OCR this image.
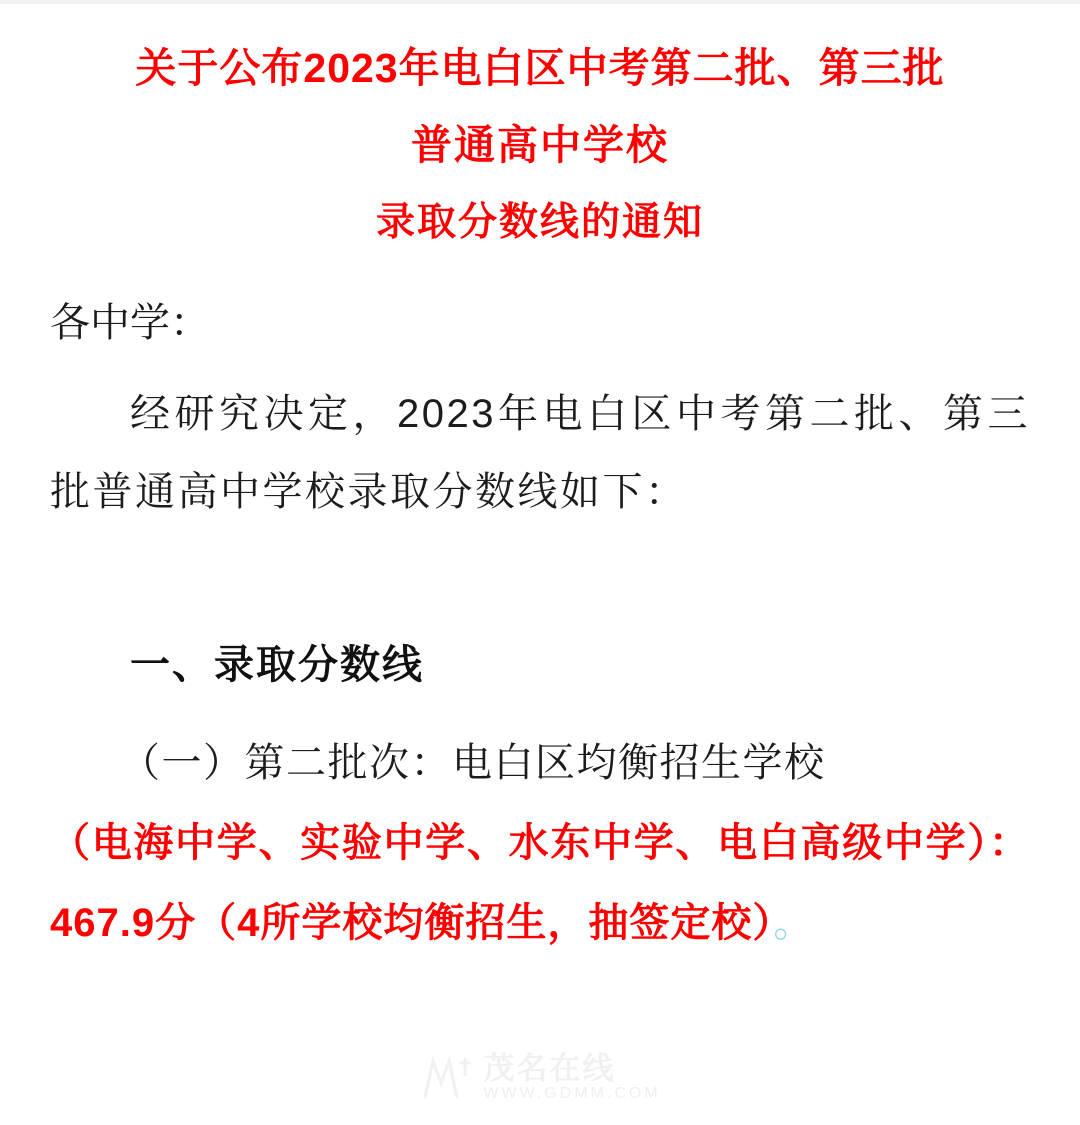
关于公布2023年电白区中考第二批、第三批
普通高中学校
录取分数线的通知
各中学：
经研究决定，2023年电白区中考第二批、第三批普通高中学校录取分数线如下：
一、录取分数线
（一）第二批次：电白区均衡招生学校
（电海中学、实验中学、水东中学、电白高级中学）：467.9分（4所学校均衡招生，抽签定校）。
茂名在线
WWW.GDMM.COM
